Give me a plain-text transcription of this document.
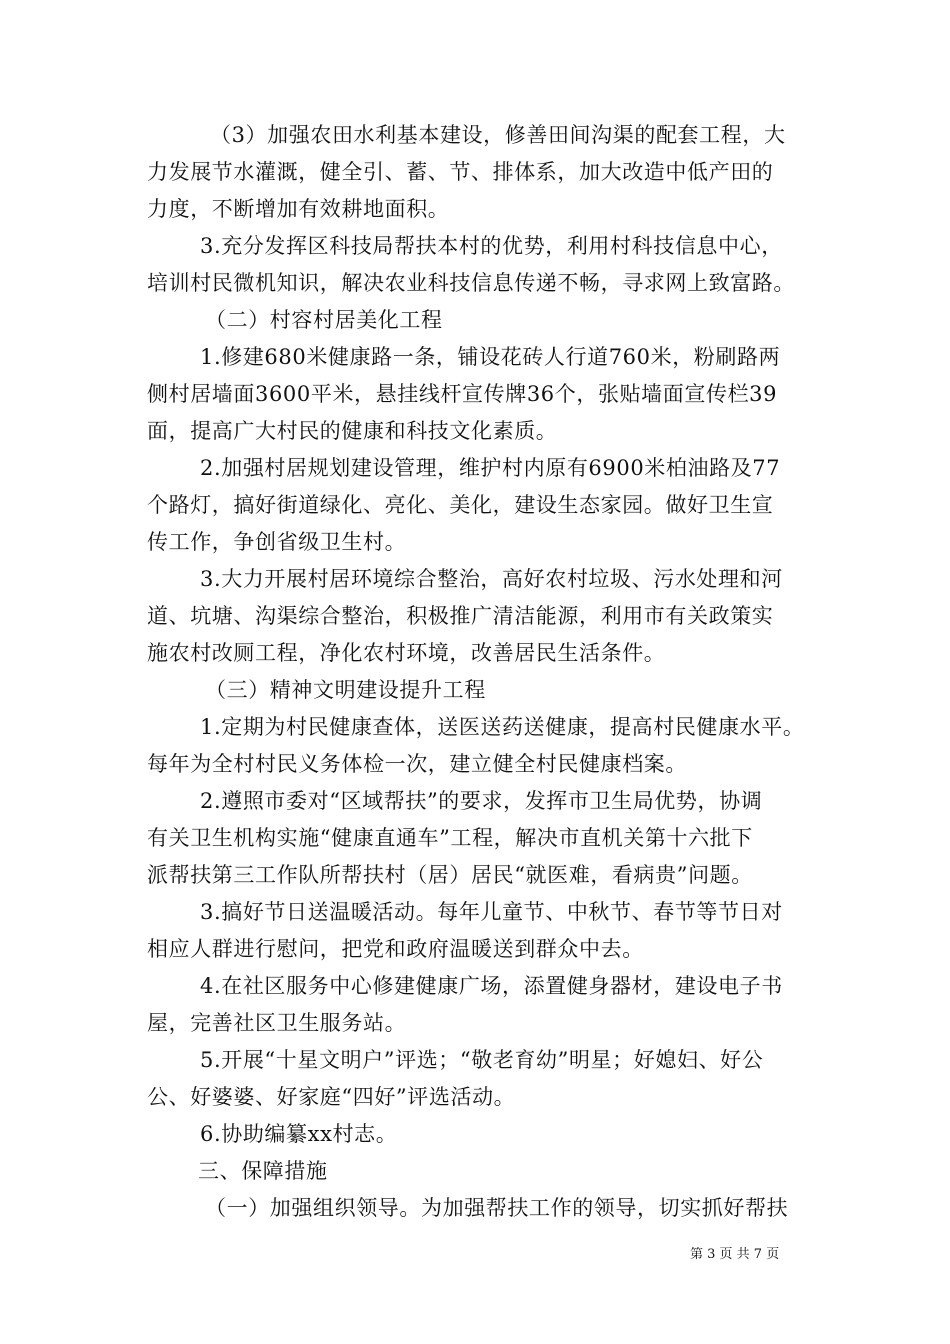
（3）加强农田水利基本建设，修善田间沟渠的配套工程，大
力发展节水灌溉，健全引、蓄、节、排体系，加大改造中低产田的
力度，不断增加有效耕地面积。
3.充分发挥区科技局帮扶本村的优势，利用村科技信息中心，
培训村民微机知识，解决农业科技信息传递不畅，寻求网上致富路。
（二）村容村居美化工程
1.修建680米健康路一条，铺设花砖人行道760米，粉刷路两
侧村居墙面3600平米，悬挂线杆宣传牌36个，张贴墙面宣传栏39
面，提高广大村民的健康和科技文化素质。
2.加强村居规划建设管理，维护村内原有6900米柏油路及77
个路灯，搞好街道绿化、亮化、美化，建设生态家园。做好卫生宣
传工作，争创省级卫生村。
3.大力开展村居环境综合整治，高好农村垃圾、污水处理和河
道、坑塘、沟渠综合整治，积极推广清洁能源，利用市有关政策实
施农村改厕工程，净化农村环境，改善居民生活条件。
（三）精神文明建设提升工程
1.定期为村民健康查体，送医送药送健康，提高村民健康水平。
每年为全村村民义务体检一次，建立健全村民健康档案。
2.遵照市委对“区域帮扶”的要求，发挥市卫生局优势，协调
有关卫生机构实施“健康直通车”工程，解决市直机关第十六批下
派帮扶第三工作队所帮扶村（居）居民“就医难，看病贵”问题。
3.搞好节日送温暖活动。每年儿童节、中秋节、春节等节日对
相应人群进行慰问，把党和政府温暖送到群众中去。
4.在社区服务中心修建健康广场，添置健身器材，建设电子书
屋，完善社区卫生服务站。
5.开展“十星文明户”评选；“敬老育幼”明星；好媳妇、好公
公、好婆婆、好家庭“四好”评选活动。
6.协助编纂xx村志。
三、保障措施
（一）加强组织领导。为加强帮扶工作的领导，切实抓好帮扶
第 3 页 共 7 页
